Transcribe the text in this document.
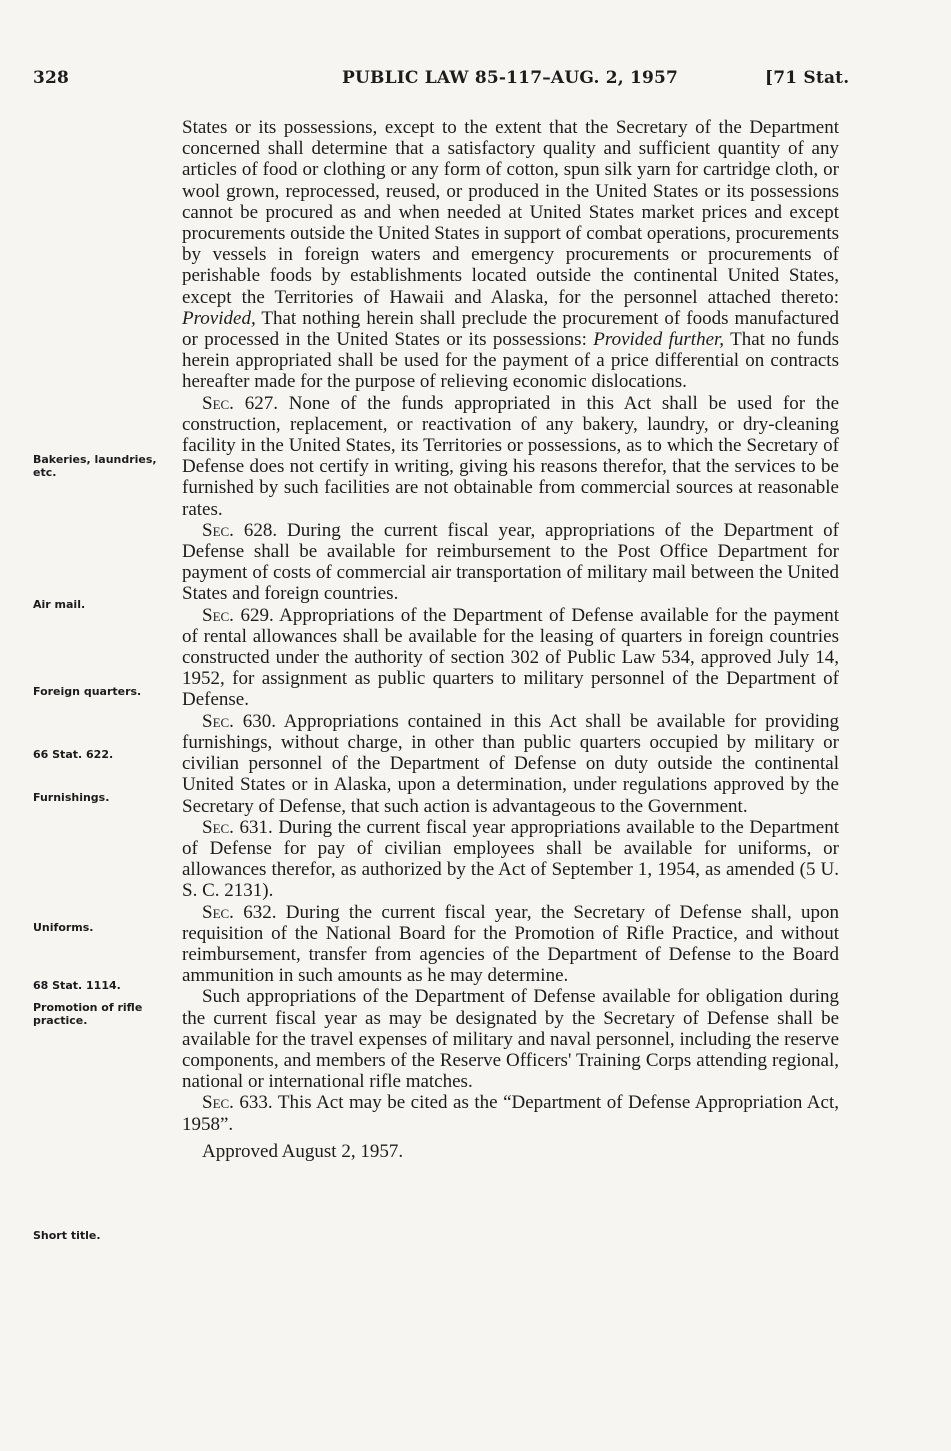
328	PUBLIC LAW 85-117–AUG. 2, 1957	[71 Stat.

States or its possessions, except to the extent that the Secretary of the Department concerned shall determine that a satisfactory quality and sufficient quantity of any articles of food or clothing or any form of cotton, spun silk yarn for cartridge cloth, or wool grown, reprocessed, reused, or produced in the United States or its possessions cannot be procured as and when needed at United States market prices and except procurements outside the United States in support of combat operations, procurements by vessels in foreign waters and emergency procurements or procurements of perishable foods by establishments located outside the continental United States, except the Territories of Hawaii and Alaska, for the personnel attached thereto: Provided, That nothing herein shall preclude the procurement of foods manufactured or processed in the United States or its possessions: Provided further, That no funds herein appropriated shall be used for the payment of a price differential on contracts hereafter made for the purpose of relieving economic dislocations.

Sec. 627. None of the funds appropriated in this Act shall be used for the construction, replacement, or reactivation of any bakery, laundry, or dry-cleaning facility in the United States, its Territories or possessions, as to which the Secretary of Defense does not certify in writing, giving his reasons therefor, that the services to be furnished by such facilities are not obtainable from commercial sources at reasonable rates.

Sec. 628. During the current fiscal year, appropriations of the Department of Defense shall be available for reimbursement to the Post Office Department for payment of costs of commercial air transportation of military mail between the United States and foreign countries.

Sec. 629. Appropriations of the Department of Defense available for the payment of rental allowances shall be available for the leasing of quarters in foreign countries constructed under the authority of section 302 of Public Law 534, approved July 14, 1952, for assignment as public quarters to military personnel of the Department of Defense.

Sec. 630. Appropriations contained in this Act shall be available for providing furnishings, without charge, in other than public quarters occupied by military or civilian personnel of the Department of Defense on duty outside the continental United States or in Alaska, upon a determination, under regulations approved by the Secretary of Defense, that such action is advantageous to the Government.

Sec. 631. During the current fiscal year appropriations available to the Department of Defense for pay of civilian employees shall be available for uniforms, or allowances therefor, as authorized by the Act of September 1, 1954, as amended (5 U. S. C. 2131).

Sec. 632. During the current fiscal year, the Secretary of Defense shall, upon requisition of the National Board for the Promotion of Rifle Practice, and without reimbursement, transfer from agencies of the Department of Defense to the Board ammunition in such amounts as he may determine.

Such appropriations of the Department of Defense available for obligation during the current fiscal year as may be designated by the Secretary of Defense shall be available for the travel expenses of military and naval personnel, including the reserve components, and members of the Reserve Officers' Training Corps attending regional, national or international rifle matches.

Sec. 633. This Act may be cited as the “Department of Defense Appropriation Act, 1958”.

Approved August 2, 1957.

Bakeries, laundries, etc.
Air mail.
Foreign quarters.
66 Stat. 622.
Furnishings.
Uniforms.
68 Stat. 1114.
Promotion of rifle practice.
Short title.
